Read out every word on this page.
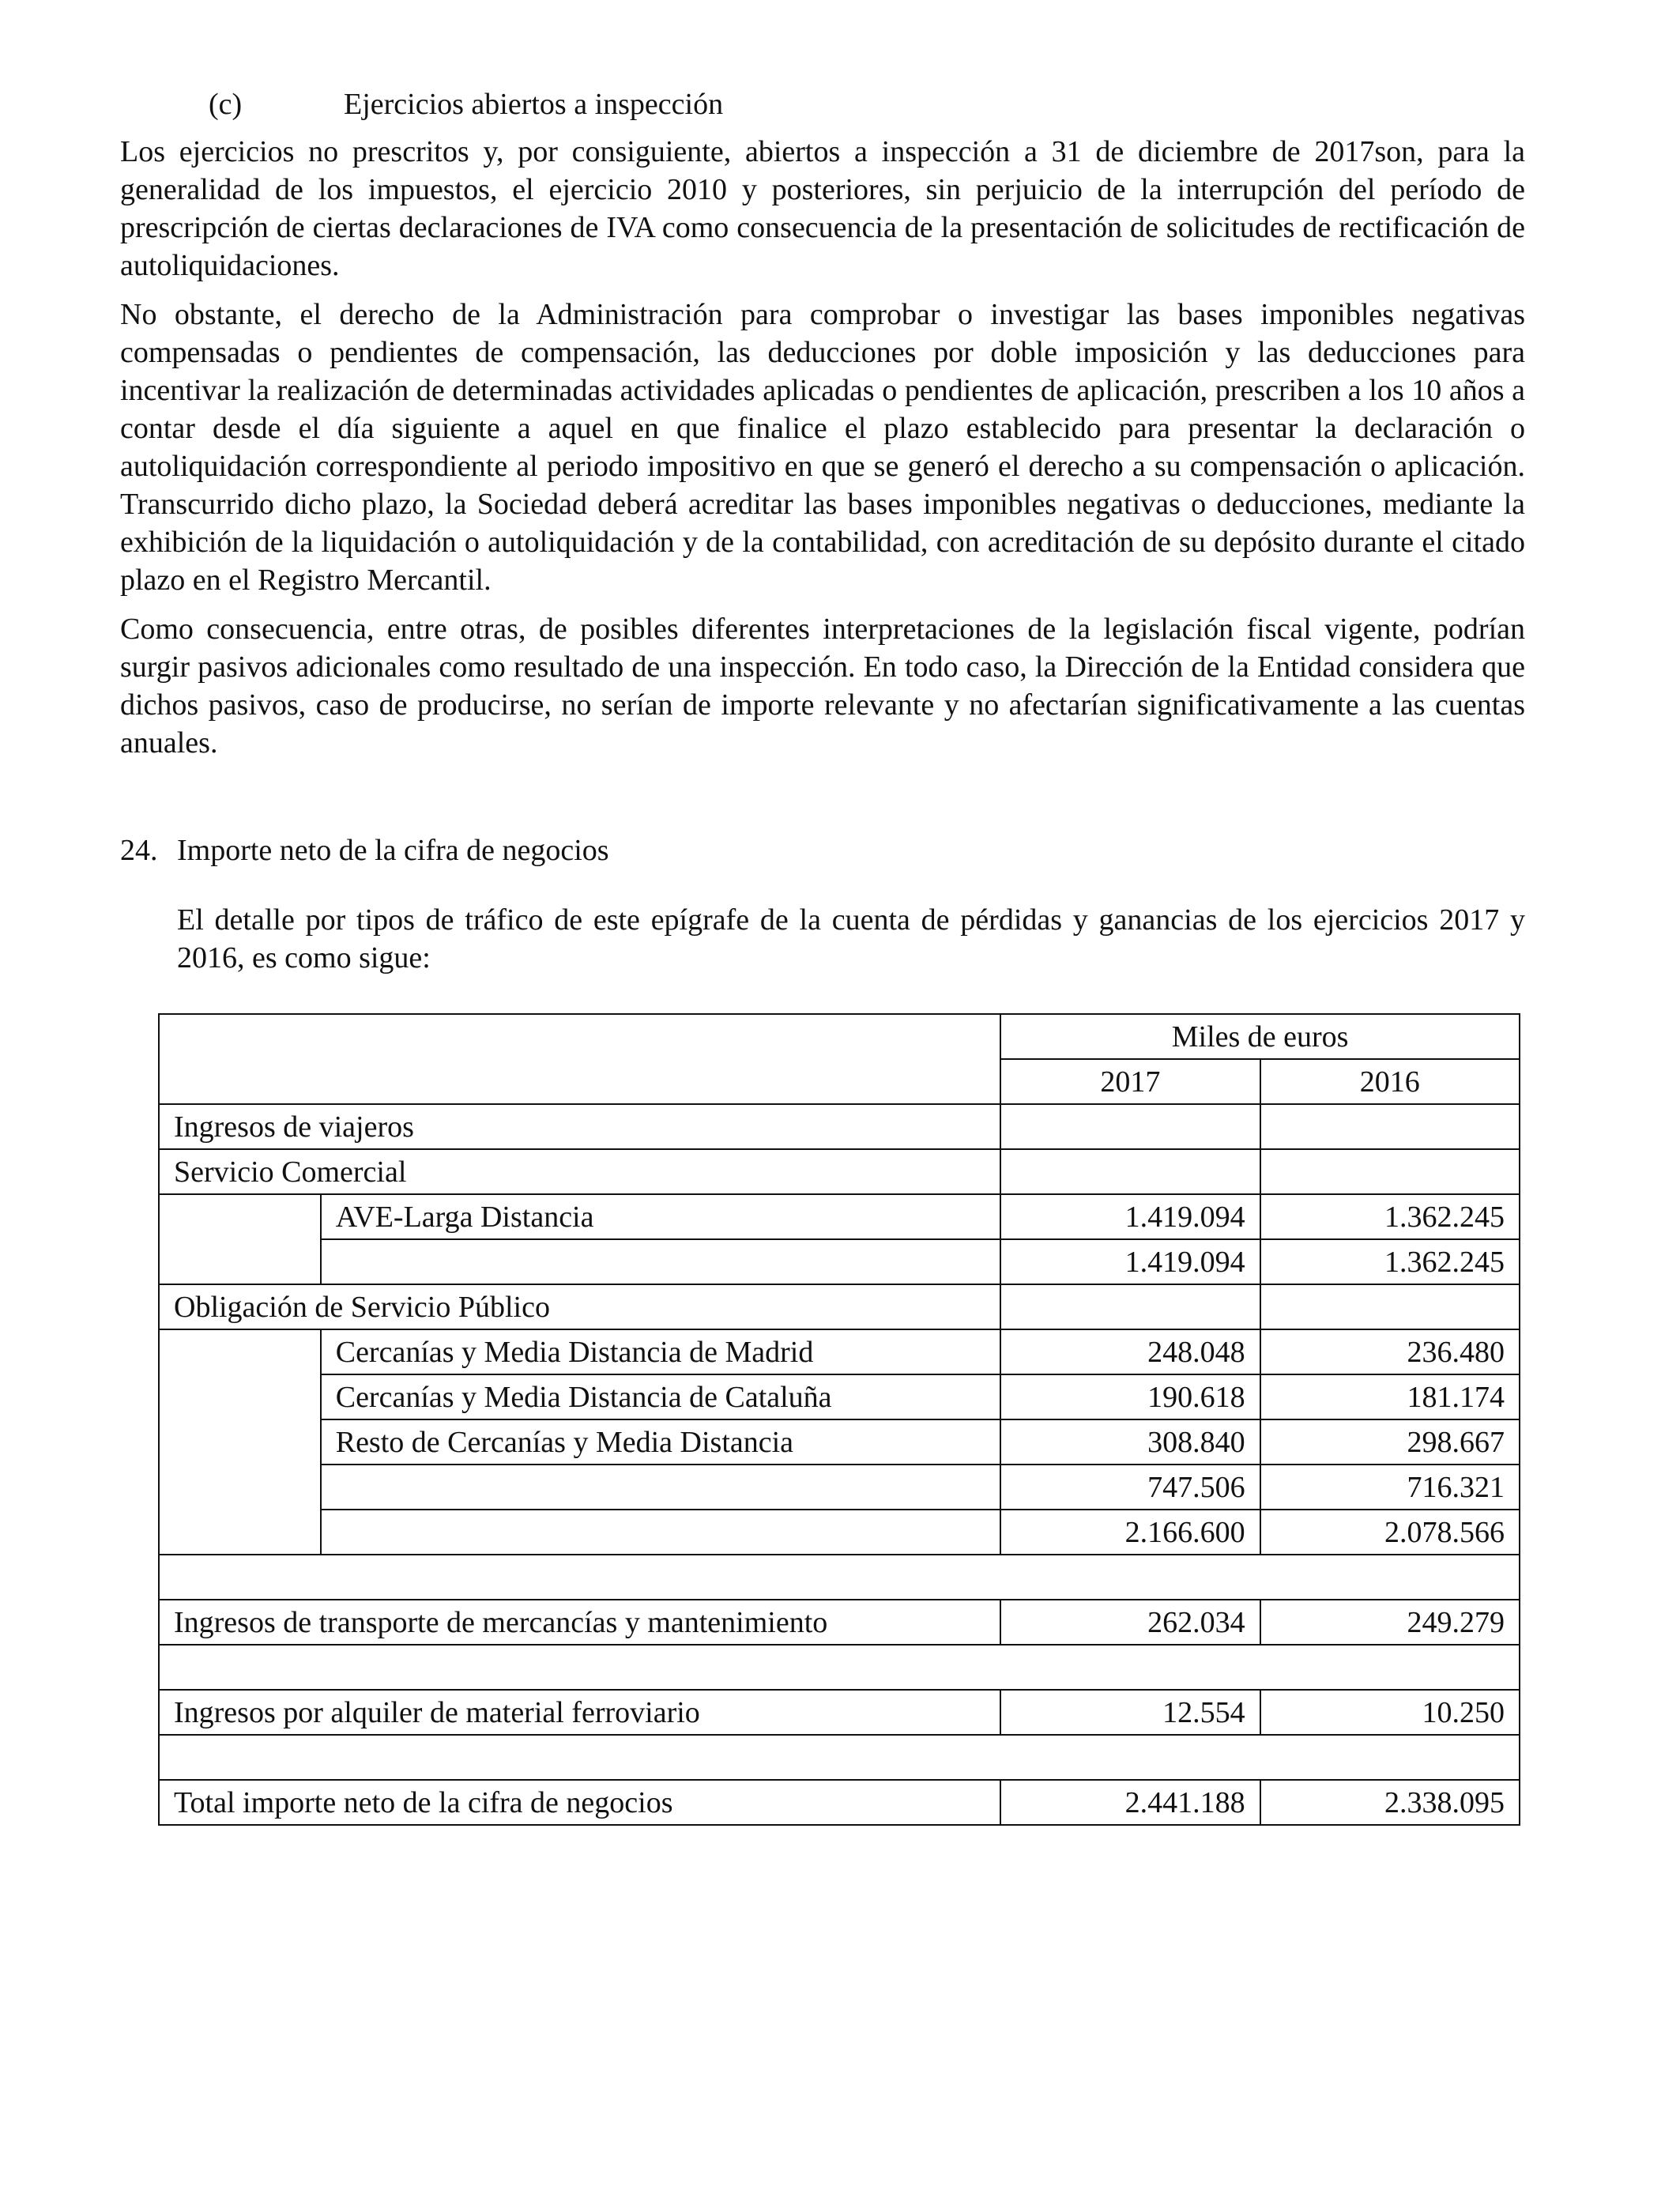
(c)	Ejercicios abiertos a inspección

Los ejercicios no prescritos y, por consiguiente, abiertos a inspección a 31 de diciembre de 2017son, para la generalidad de los impuestos, el ejercicio 2010 y posteriores, sin perjuicio de la interrupción del período de prescripción de ciertas declaraciones de IVA como consecuencia de la presentación de solicitudes de rectificación de autoliquidaciones.

No obstante, el derecho de la Administración para comprobar o investigar las bases imponibles negativas compensadas o pendientes de compensación, las deducciones por doble imposición y las deducciones para incentivar la realización de determinadas actividades aplicadas o pendientes de aplicación, prescriben a los 10 años a contar desde el día siguiente a aquel en que finalice el plazo establecido para presentar la declaración o autoliquidación correspondiente al periodo impositivo en que se generó el derecho a su compensación o aplicación. Transcurrido dicho plazo, la Sociedad deberá acreditar las bases imponibles negativas o deducciones, mediante la exhibición de la liquidación o autoliquidación y de la contabilidad, con acreditación de su depósito durante el citado plazo en el Registro Mercantil.

Como consecuencia, entre otras, de posibles diferentes interpretaciones de la legislación fiscal vigente, podrían surgir pasivos adicionales como resultado de una inspección. En todo caso, la Dirección de la Entidad considera que dichos pasivos, caso de producirse, no serían de importe relevante y no afectarían significativamente a las cuentas anuales.

24. Importe neto de la cifra de negocios

El detalle por tipos de tráfico de este epígrafe de la cuenta de pérdidas y ganancias de los ejercicios 2017 y 2016, es como sigue:

		Miles de euros	
		2017	2016
Ingresos de viajeros			
Servicio Comercial			
	AVE-Larga Distancia	1.419.094	1.362.245
		1.419.094	1.362.245
Obligación de Servicio Público			
	Cercanías y Media Distancia de Madrid	248.048	236.480
	Cercanías y Media Distancia de Cataluña	190.618	181.174
	Resto de Cercanías y Media Distancia	308.840	298.667
		747.506	716.321
		2.166.600	2.078.566

Ingresos de transporte de mercancías y mantenimiento		262.034	249.279

Ingresos por alquiler de material ferroviario		12.554	10.250

Total importe neto de la cifra de negocios		2.441.188	2.338.095
